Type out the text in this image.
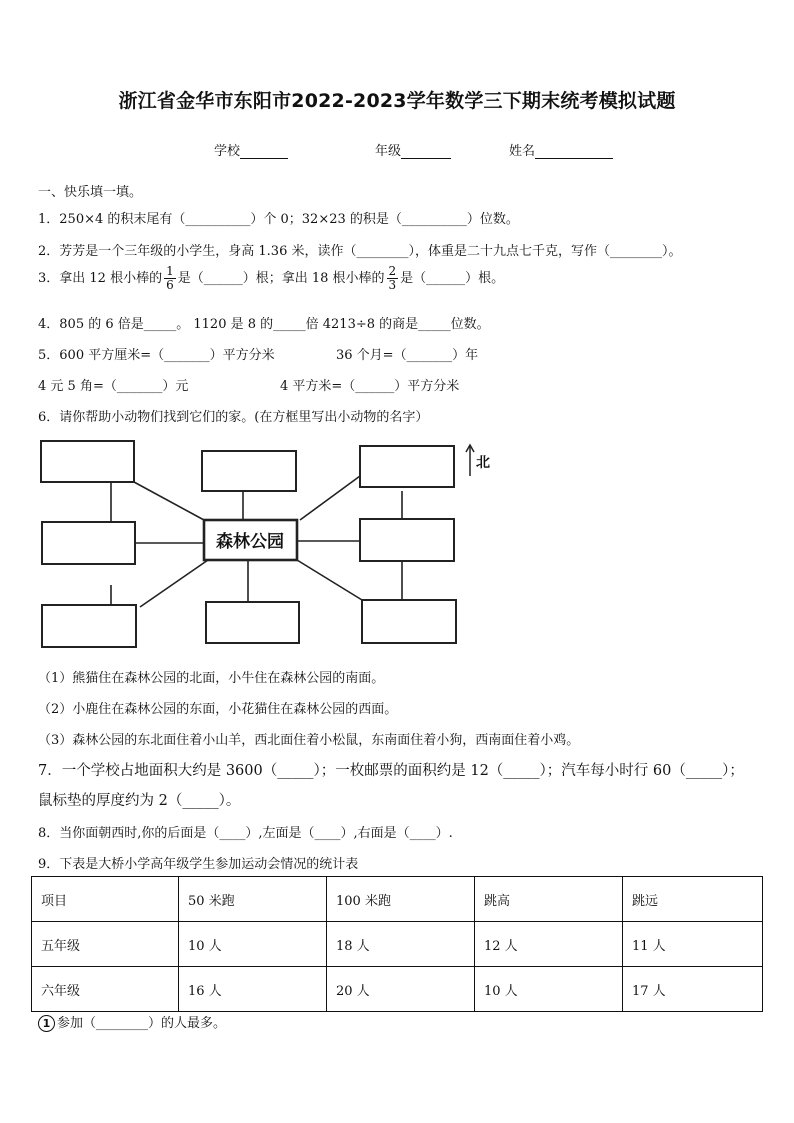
浙江省金华市东阳市2022-2023学年数学三下期末统考模拟试题
学校	年级	姓名
一、快乐填一填。
1．250×4 的积末尾有（__________）个 0；32×23 的积是（__________）位数。
2．芳芳是一个三年级的小学生，身高 1.36 米，读作（________），体重是二十九点七千克，写作（________）。
3．拿出 12 根小棒的 $\frac{1}{6}$ 是（______）根；拿出 18 根小棒的 $\frac{2}{3}$ 是（______）根。
4．805 的 6 倍是_____。 1120 是 8 的_____倍 4213÷8 的商是_____位数。
5．600 平方厘米=（_______）平方分米	36 个月=（_______）年
4 元 5 角=（_______）元	4 平方米=（______）平方分米
6．请你帮助小动物们找到它们的家。(在方框里写出小动物的名字）
森林公园
北
（1）熊猫住在森林公园的北面，小牛住在森林公园的南面。
（2）小鹿住在森林公园的东面，小花猫住在森林公园的西面。
（3）森林公园的东北面住着小山羊，西北面住着小松鼠，东南面住着小狗，西南面住着小鸡。
7．一个学校占地面积大约是 3600（_____）；一枚邮票的面积约是 12（_____）；汽车每小时行 60（_____）；
鼠标垫的厚度约为 2（_____）。
8．当你面朝西时,你的后面是（____）,左面是（____）,右面是（____）.
9．下表是大桥小学高年级学生参加运动会情况的统计表
项目	50 米跑	100 米跑	跳高	跳远
五年级	10 人	18 人	12 人	11 人
六年级	16 人	20 人	10 人	17 人
1 参加（________）的人最多。
